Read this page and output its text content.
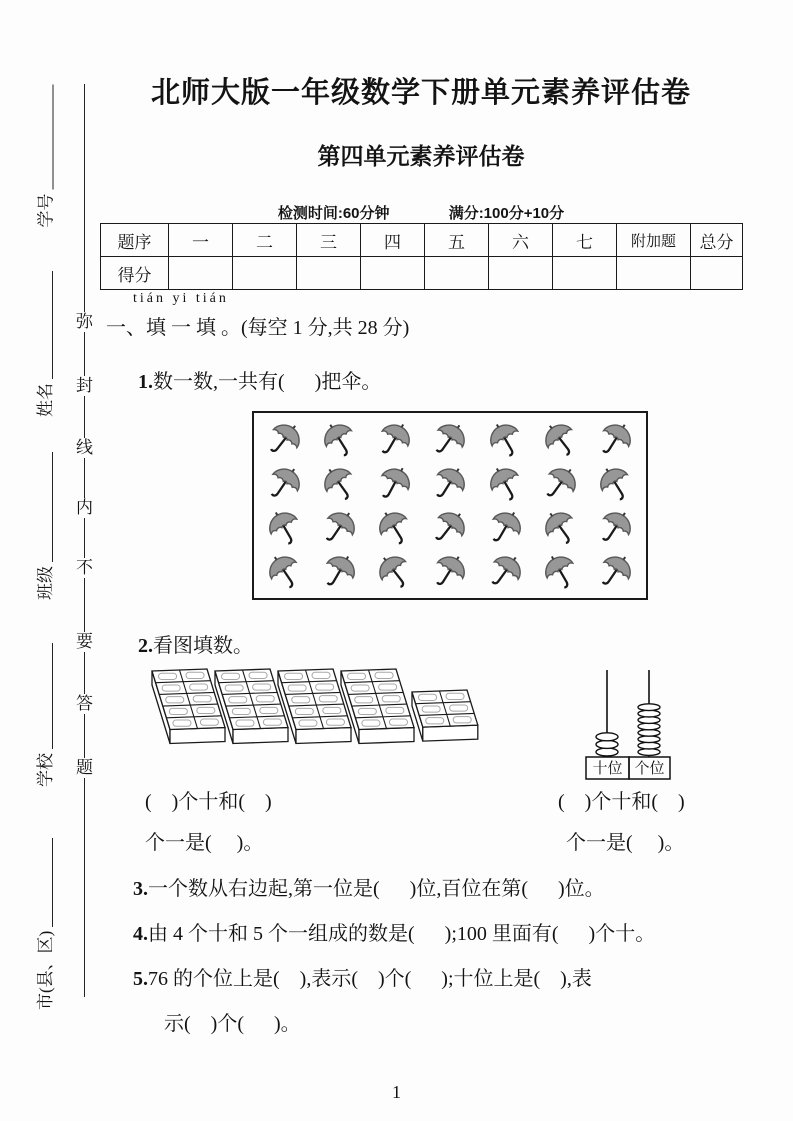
北师大版一年级数学下册单元素养评估卷
第四单元素养评估卷
检测时间:60分钟	满分:100分+10分
题序	一	二	三	四	五	六	七	附加题	总分
得分									
tián yi tián
一、填 一 填 。(每空 1 分,共 28 分)
1.数一数,一共有(      )把伞。
2.看图填数。
十位 个位
(    )个十和(    )	(    )个十和(    )
个一是(     )。	个一是(     )。
3.一个数从右边起,第一位是(      )位,百位在第(      )位。
4.由 4 个十和 5 个一组成的数是(      );100 里面有(      )个十。
5.76 的个位上是(    ),表示(    )个(      );十位上是(    ),表
示(    )个(      )。
1
学号
姓名
班级
学校
市(县、区)
弥
封
线
内
不
要
答
题
